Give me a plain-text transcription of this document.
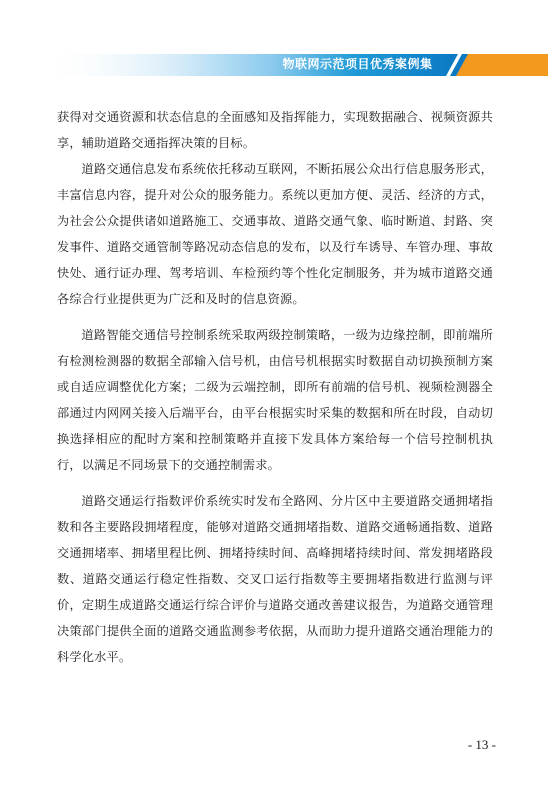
物联网示范项目优秀案例集

获得对交通资源和状态信息的全面感知及指挥能力，实现数据融合、视频资源共享，辅助道路交通指挥决策的目标。

道路交通信息发布系统依托移动互联网，不断拓展公众出行信息服务形式，丰富信息内容，提升对公众的服务能力。系统以更加方便、灵活、经济的方式，为社会公众提供诸如道路施工、交通事故、道路交通气象、临时断道、封路、突发事件、道路交通管制等路况动态信息的发布，以及行车诱导、车管办理、事故快处、通行证办理、驾考培训、车检预约等个性化定制服务，并为城市道路交通各综合行业提供更为广泛和及时的信息资源。

道路智能交通信号控制系统采取两级控制策略，一级为边缘控制，即前端所有检测检测器的数据全部输入信号机，由信号机根据实时数据自动切换预制方案或自适应调整优化方案；二级为云端控制，即所有前端的信号机、视频检测器全部通过内网网关接入后端平台，由平台根据实时采集的数据和所在时段，自动切换选择相应的配时方案和控制策略并直接下发具体方案给每一个信号控制机执行，以满足不同场景下的交通控制需求。

道路交通运行指数评价系统实时发布全路网、分片区中主要道路交通拥堵指数和各主要路段拥堵程度，能够对道路交通拥堵指数、道路交通畅通指数、道路交通拥堵率、拥堵里程比例、拥堵持续时间、高峰拥堵持续时间、常发拥堵路段数、道路交通运行稳定性指数、交叉口运行指数等主要拥堵指数进行监测与评价，定期生成道路交通运行综合评价与道路交通改善建议报告，为道路交通管理决策部门提供全面的道路交通监测参考依据，从而助力提升道路交通治理能力的科学化水平。

- 13 -
